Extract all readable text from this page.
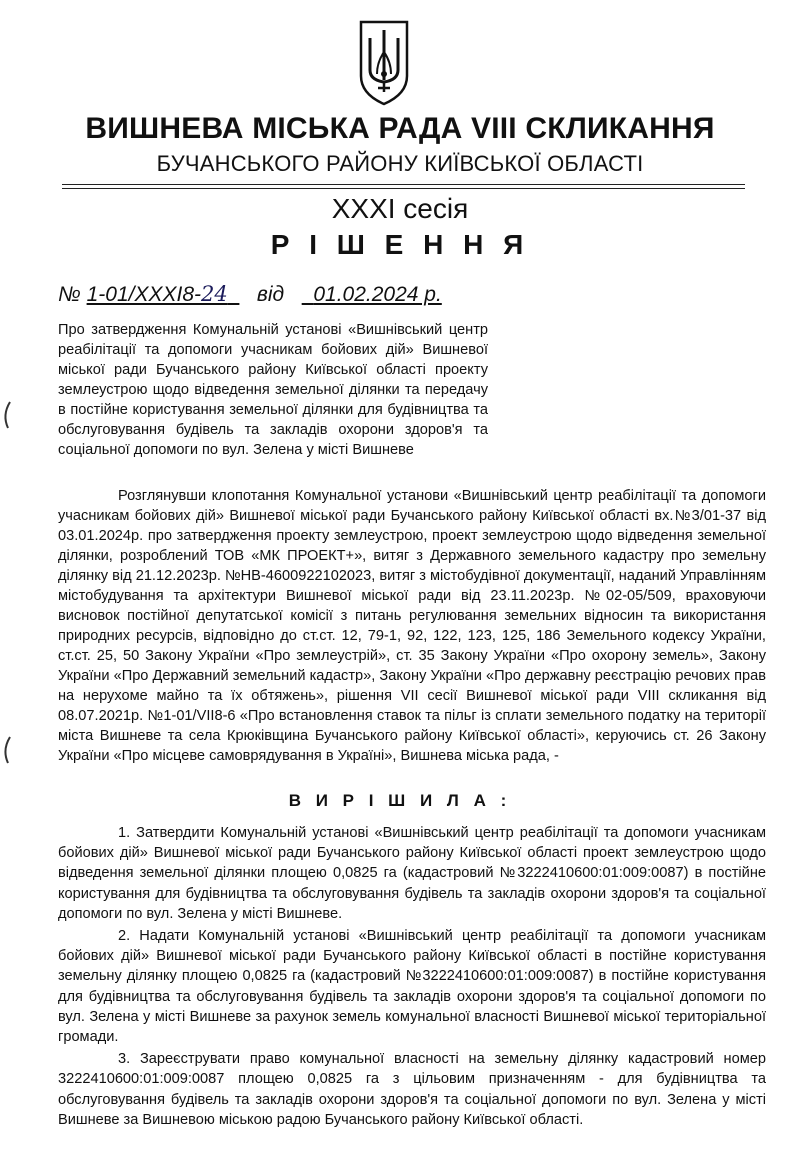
ВИШНЕВА МІСЬКА РАДА VIII СКЛИКАННЯ
БУЧАНСЬКОГО РАЙОНУ КИЇВСЬКОЇ ОБЛАСТІ
XXXI сесія
Р І Ш Е Н Н Я
№ 1-01/XXXI8-24 від 01.02.2024 р.
Про затвердження Комунальній установі «Вишнівський центр реабілітації та допомоги учасникам бойових дій» Вишневої міської ради Бучанського району Київської області проекту землеустрою щодо відведення земельної ділянки та передачу в постійне користування земельної ділянки для будівництва та обслуговування будівель та закладів охорони здоров'я та соціальної допомоги по вул. Зелена у місті Вишневе
Розглянувши клопотання Комунальної установи «Вишнівський центр реабілітації та допомоги учасникам бойових дій» Вишневої міської ради Бучанського району Київської області вх.№3/01-37 від 03.01.2024р. про затвердження проекту землеустрою, проект землеустрою щодо відведення земельної ділянки, розроблений ТОВ «МК ПРОЕКТ+», витяг з Державного земельного кадастру про земельну ділянку від 21.12.2023р. №НВ-4600922102023, витяг з містобудівної документації, наданий Управлінням містобудування та архітектури Вишневої міської ради від 23.11.2023р. №02-05/509, враховуючи висновок постійної депутатської комісії з питань регулювання земельних відносин та використання природних ресурсів, відповідно до ст.ст. 12, 79-1, 92, 122, 123, 125, 186 Земельного кодексу України, ст.ст. 25, 50 Закону України «Про землеустрій», ст. 35 Закону України «Про охорону земель», Закону України «Про Державний земельний кадастр», Закону України «Про державну реєстрацію речових прав на нерухоме майно та їх обтяжень», рішення VII сесії Вишневої міської ради VIII скликання від 08.07.2021р. №1-01/VII8-6 «Про встановлення ставок та пільг із сплати земельного податку на території міста Вишневе та села Крюківщина Бучанського району Київської області», керуючись ст. 26 Закону України «Про місцеве самоврядування в Україні», Вишнева міська рада, -
В И Р І Ш И Л А :

1. Затвердити Комунальній установі «Вишнівський центр реабілітації та допомоги учасникам бойових дій» Вишневої міської ради Бучанського району Київської області проект землеустрою щодо відведення земельної ділянки площею 0,0825 га (кадастровий №3222410600:01:009:0087) в постійне користування для будівництва та обслуговування будівель та закладів охорони здоров'я та соціальної допомоги по вул. Зелена у місті Вишневе.

2. Надати Комунальній установі «Вишнівський центр реабілітації та допомоги учасникам бойових дій» Вишневої міської ради Бучанського району Київської області в постійне користування земельну ділянку площею 0,0825 га (кадастровий №3222410600:01:009:0087) в постійне користування для будівництва та обслуговування будівель та закладів охорони здоров'я та соціальної допомоги по вул. Зелена у місті Вишневе за рахунок земель комунальної власності Вишневої міської територіальної громади.

3. Зареєструвати право комунальної власності на земельну ділянку кадастровий номер 3222410600:01:009:0087 площею 0,0825 га з цільовим призначенням - для будівництва та обслуговування будівель та закладів охорони здоров'я та соціальної допомоги по вул. Зелена у місті Вишневе за Вишневою міською радою Бучанського району Київської області.
